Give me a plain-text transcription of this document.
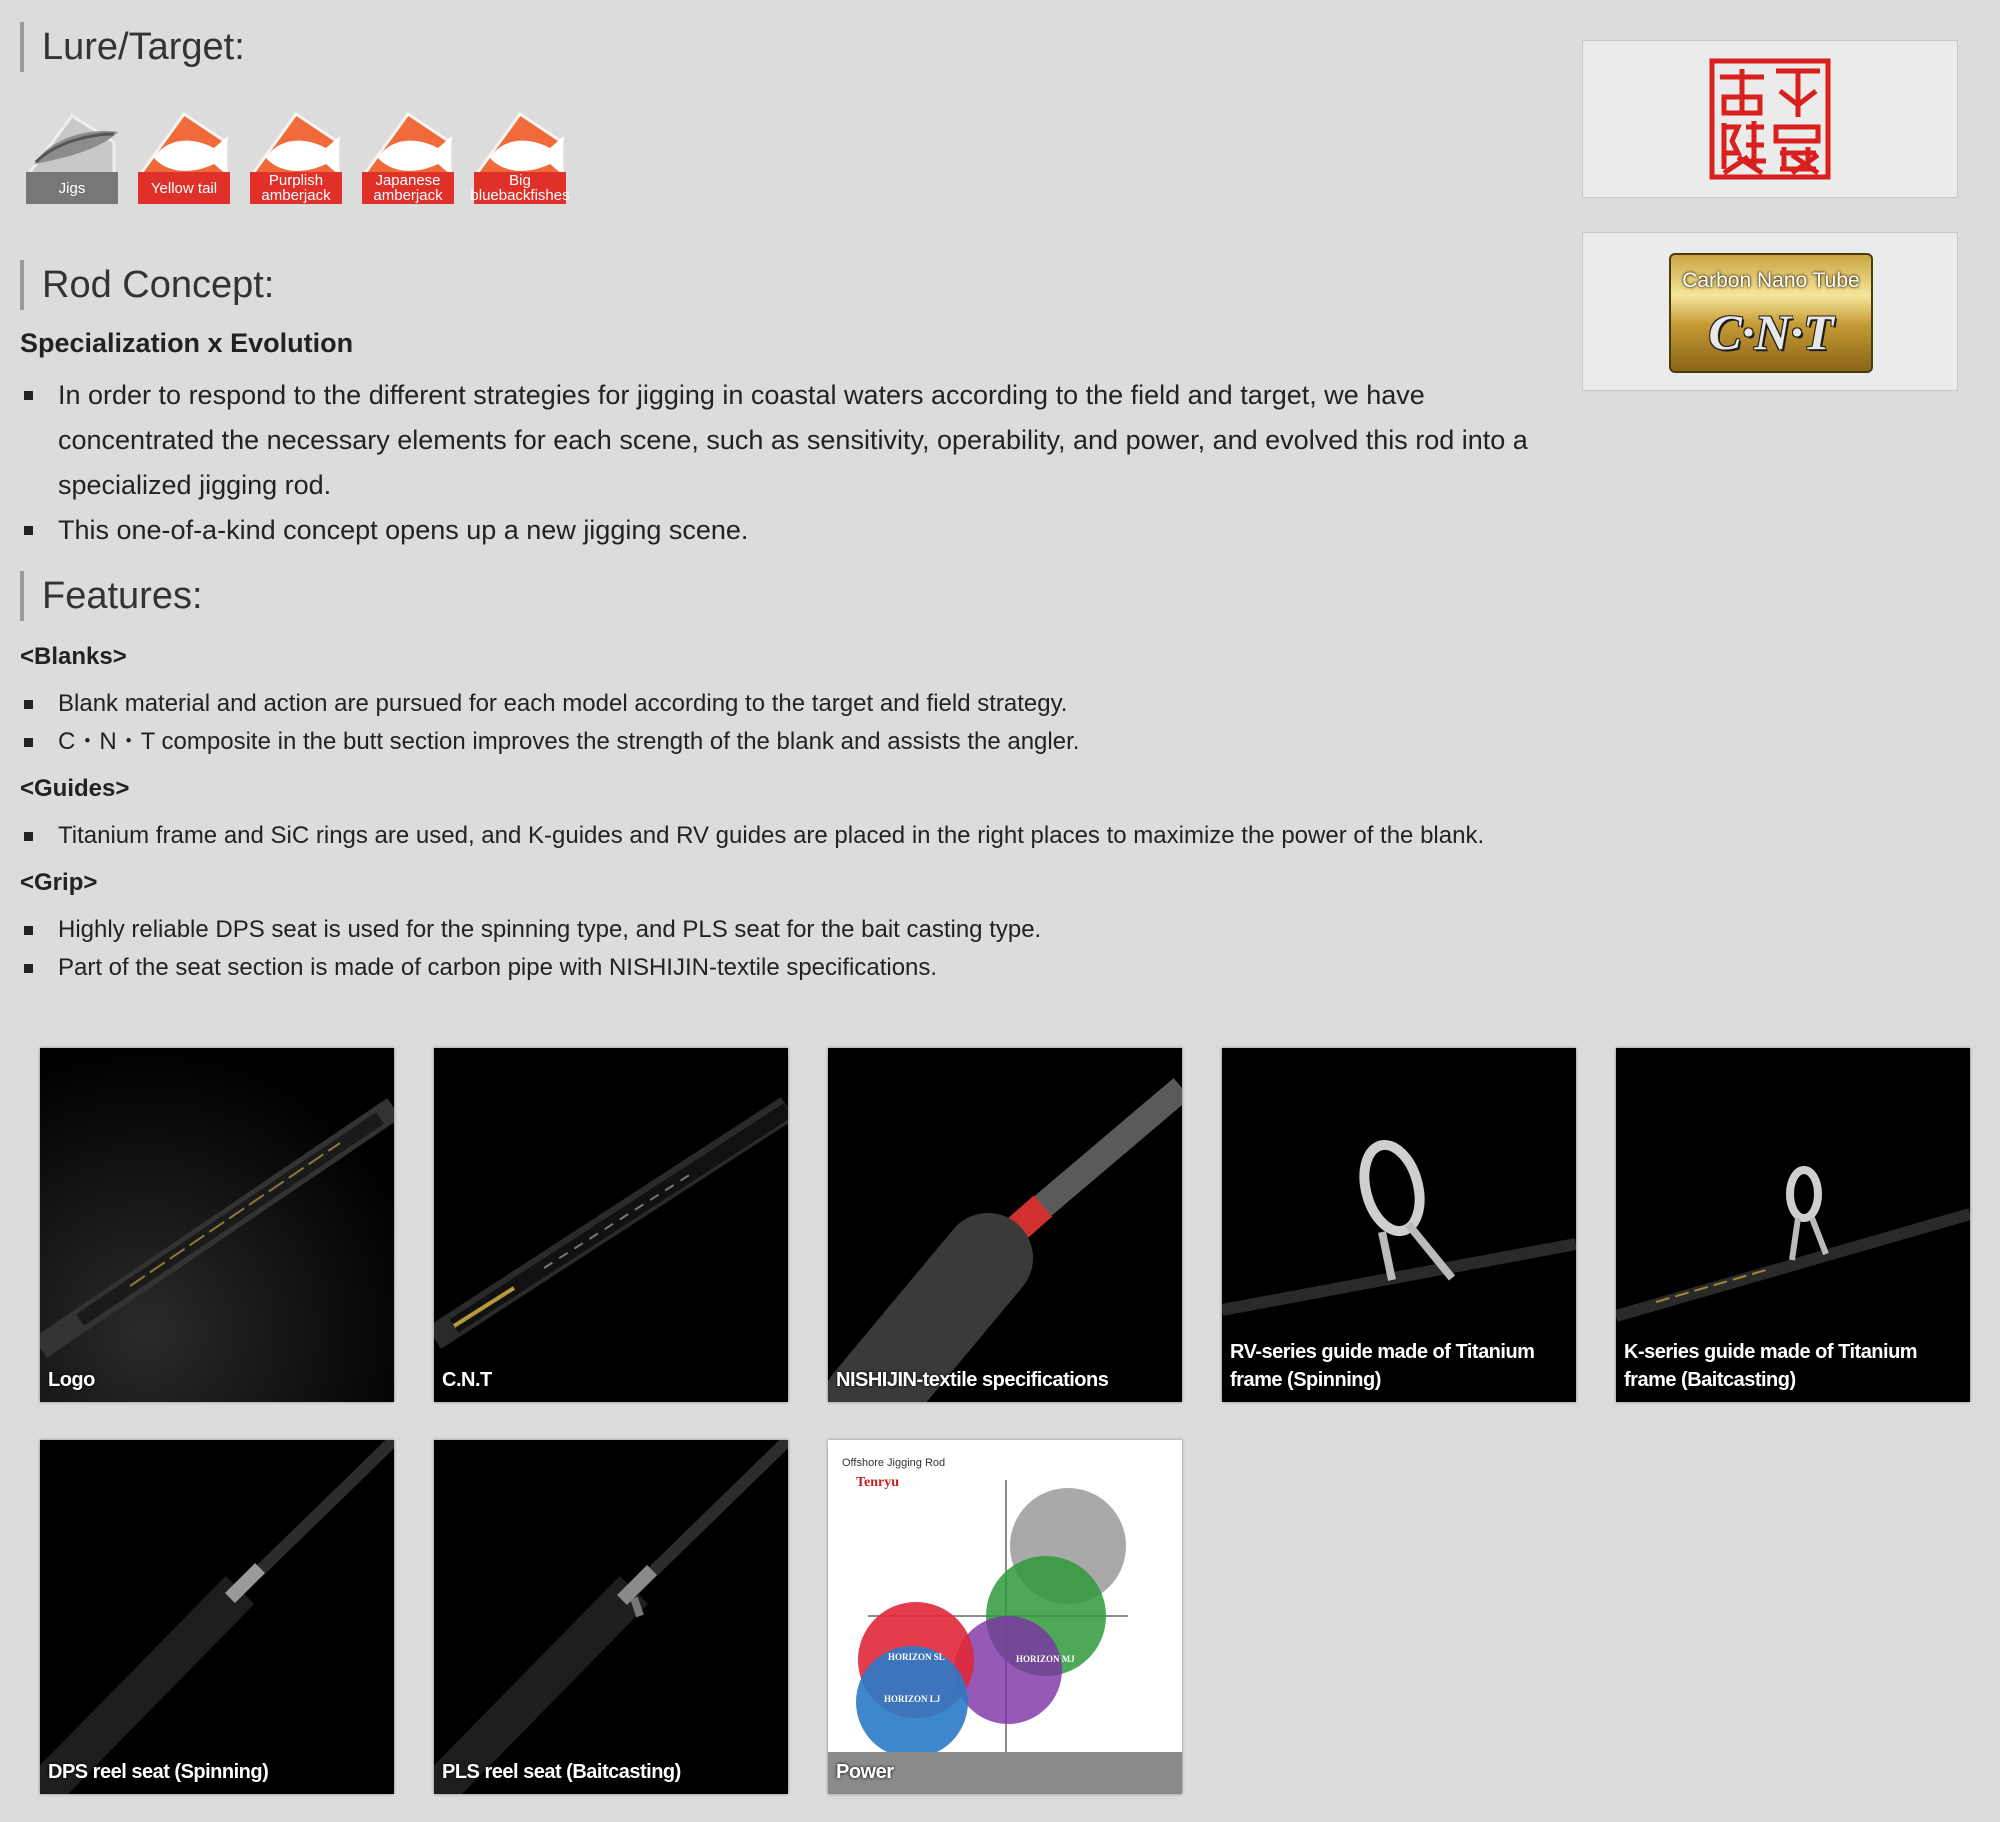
Lure/Target:
Jigs	Yellow tail	Purplish amberjack
Japanese amberjack
Big bluebackfishes
Rod Concept:
Specialization x Evolution
In order to respond to the different strategies for jigging in coastal waters according to the field and target, we have concentrated the necessary elements for each scene, such as sensitivity, operability, and power, and evolved this rod into a specialized jigging rod.
This one-of-a-kind concept opens up a new jigging scene.
Features:
<Blanks>
Blank material and action are pursued for each model according to the target and field strategy.
C・N・T composite in the butt section improves the strength of the blank and assists the angler.
<Guides>
Titanium frame and SiC rings are used, and K-guides and RV guides are placed in the right places to maximize the power of the blank.
<Grip>
Highly reliable DPS seat is used for the spinning type, and PLS seat for the bait casting type.
Part of the seat section is made of carbon pipe with NISHIJIN-textile specifications.
Carbon Nano Tube
C·N·T
Logo	C.N.T	NISHIJIN-textile specifications
RV-series guide made of Titanium frame (Spinning)
K-series guide made of Titanium frame (Baitcasting)
DPS reel seat (Spinning)	PLS reel seat (Baitcasting)
Offshore Jigging Rod
Tenryu
HORIZON MJ
HORIZON SL
HORIZON LJ
Power
